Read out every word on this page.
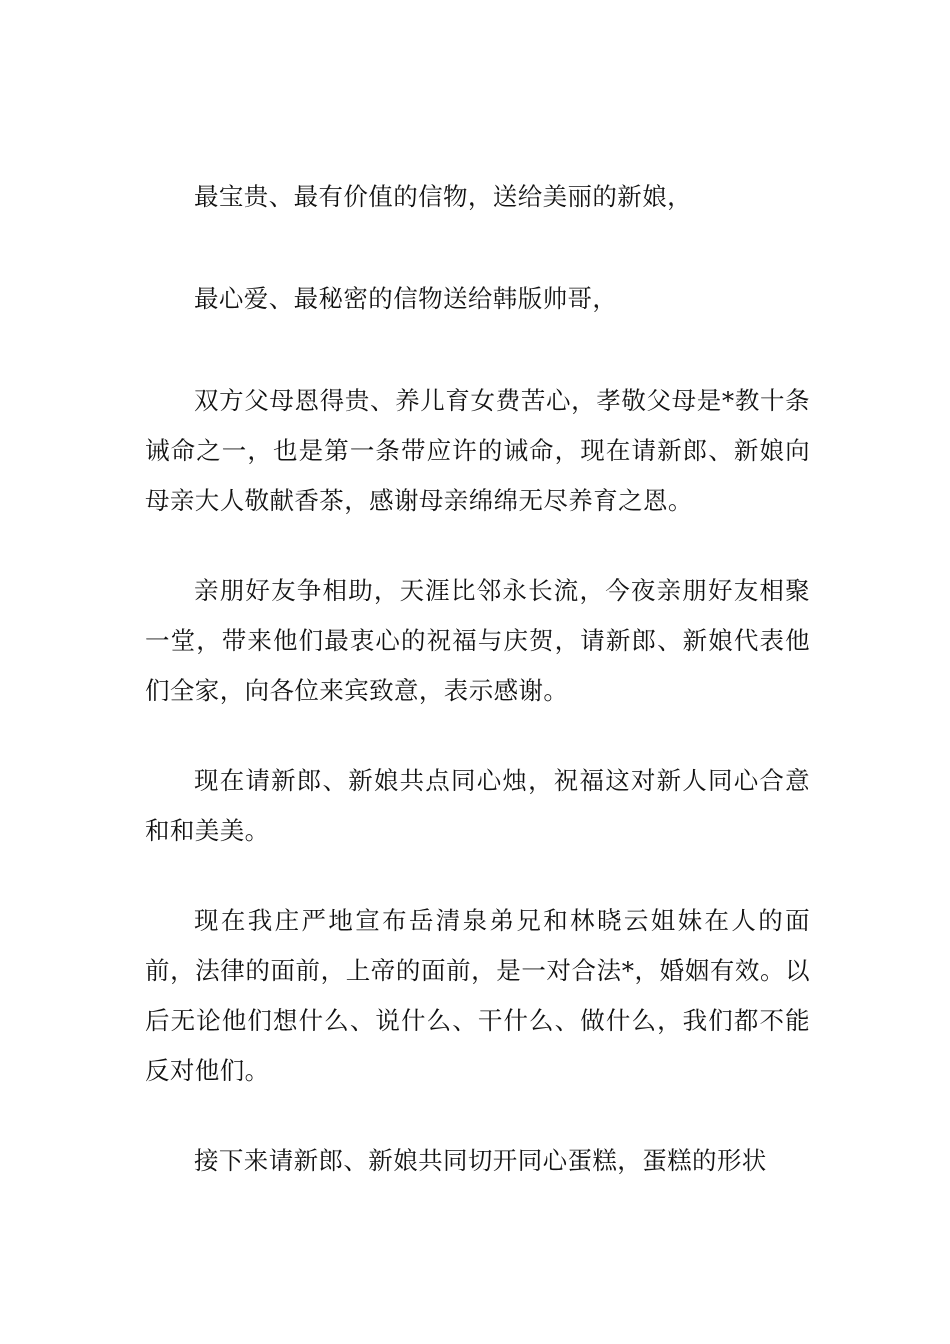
最宝贵、最有价值的信物，送给美丽的新娘，

最心爱、最秘密的信物送给韩版帅哥，

双方父母恩得贵、养儿育女费苦心，孝敬父母是*教十条诫命之一，也是第一条带应许的诫命，现在请新郎、新娘向母亲大人敬献香茶，感谢母亲绵绵无尽养育之恩。

亲朋好友争相助，天涯比邻永长流，今夜亲朋好友相聚一堂，带来他们最衷心的祝福与庆贺，请新郎、新娘代表他们全家，向各位来宾致意，表示感谢。

现在请新郎、新娘共点同心烛，祝福这对新人同心合意和和美美。

现在我庄严地宣布岳清泉弟兄和林晓云姐妹在人的面前，法律的面前，上帝的面前，是一对合法*，婚姻有效。以后无论他们想什么、说什么、干什么、做什么，我们都不能反对他们。

接下来请新郎、新娘共同切开同心蛋糕，蛋糕的形状
